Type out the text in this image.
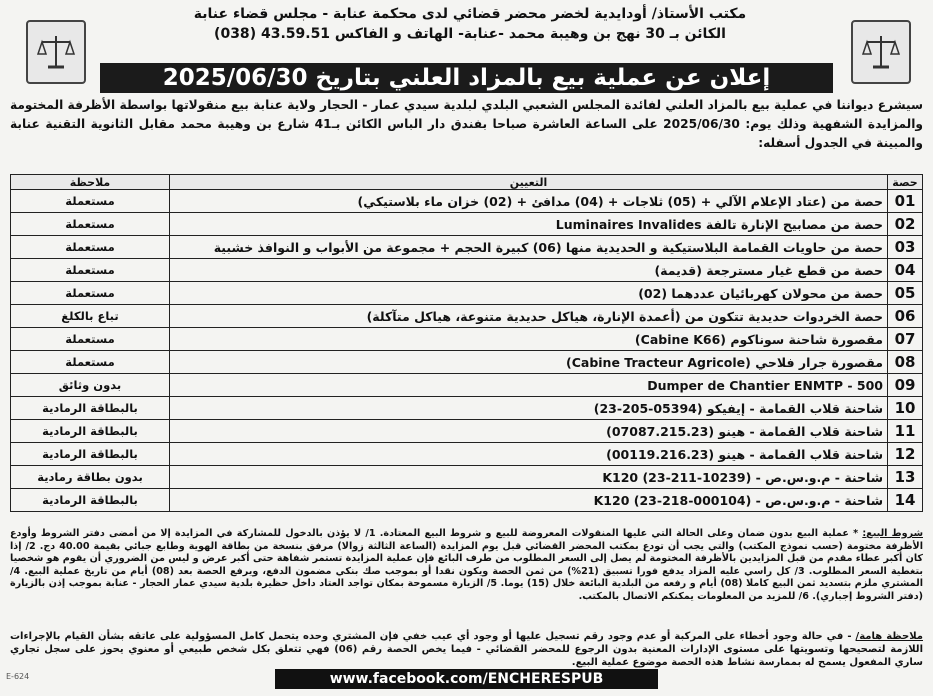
مكتب الأستاذ/ أودايدية لخضر محضر قضائي لدى محكمة عنابة - مجلس قضاء عنابة
الكائن بـ 30 نهج بن وهيبة محمد -عنابة- الهاتف و الفاكس 43.59.51 (038)
إعلان عن عملية بيع بالمزاد العلني بتاريخ 2025/06/30
سيشرع ديواننا في عملية بيع بالمزاد العلني لفائدة المجلس الشعبي البلدي لبلدية سيدي عمار - الحجار ولاية عنابة بيع منقولاتها بواسطة الأظرفة المختومة والمزايدة الشفهية وذلك يوم: 2025/06/30 على الساعة العاشرة صباحا بفندق دار الباس الكائن بـ41 شارع بن وهيبة محمد مقابل الثانوية التقنية عنابة والمبينة في الجدول أسفله:
حصة	التعيين	ملاحظة
01	حصة من (عتاد الإعلام الآلي + (05) ثلاجات + (04) مدافئ + (02) خزان ماء بلاستيكي)	مستعملة
02	حصة من مصابيح الإنارة تالفة Luminaires Invalides	مستعملة
03	حصة من حاويات القمامة البلاستيكية و الحديدية منها (06) كبيرة الحجم + مجموعة من الأبواب و النوافذ خشبية	مستعملة
04	حصة من قطع غيار مسترجعة (قديمة)	مستعملة
05	حصة من محولان كهربائيان عددهما (02)	مستعملة
06	حصة الخردوات حديدية تتكون من (أعمدة الإنارة، هياكل حديدية متنوعة، هياكل متآكلة)	تباع بالكلغ
07	مقصورة شاحنة سوناكوم (Cabine K66)	مستعملة
08	مقصورة جرار فلاحي (Cabine Tracteur Agricole)	مستعملة
09	Dumper de Chantier ENMTP - 500	بدون وثائق
10	شاحنة قلاب القمامة - إيفيكو (05394-205-23)	بالبطاقة الرمادية
11	شاحنة قلاب القمامة - هينو (07087.215.23)	بالبطاقة الرمادية
12	شاحنة قلاب القمامة - هينو (00119.216.23)	بالبطاقة الرمادية
13	شاحنة - م.و.س.ص - (10239-211-23) K120	بدون بطاقة رمادية
14	شاحنة - م.و.س.ص - (000104-218-23) K120	بالبطاقة الرمادية
شروط البيع: * عملية البيع بدون ضمان وعلى الحالة التي عليها المنقولات المعروضة للبيع و شروط البيع المعتادة. 1/ لا يؤذن بالدخول للمشاركة في المزايدة إلا من أمضى دفتر الشروط وأودع الأظرفة مختومة (حسب نموذج المكتب) والتي يجب أن تودع بمكتب المحضر القضائي قبل يوم المزايدة (الساعة الثالثة زوالا) مرفق بنسخة من بطاقة الهوية وطابع جبائي بقيمة 40.00 دج. 2/ إذا كان أكبر عطاء مقدم من قبل المزايدين بالأظرفة المختومة لم يصل إلى السعر المطلوب من طرف البائع فإن عملية المزايدة تستمر شفاهة حتى أكبر عرض و ليس من الضروري أن يقوم هو شخصيا بتغطية السعر المطلوب. 3/ كل راسي عليه المزاد يدفع فورا تسبيق (21%) من ثمن الحصة ويكون نقدا أو بموجب صك بنكي مضمون الدفع، ويرفع الحصة بعد (08) أيام من تاريخ عملية البيع. 4/ المشتري ملزم بتسديد ثمن البيع كاملا (08) أيام و رفعه من البلدية البائعة خلال (15) يوما. 5/ الزيارة مسموحة بمكان تواجد العتاد داخل حظيرة بلدية سيدي عمار الحجار - عنابة بموجب إذن بالزيارة (دفتر الشروط إجباري). 6/ للمزيد من المعلومات يمكنكم الاتصال بالمكتب.
ملاحظة هامة/ - في حالة وجود أخطاء على المركبة أو عدم وجود رقم تسجيل عليها أو وجود أي عيب خفي فإن المشتري وحده يتحمل كامل المسؤولية على عاتقه بشأن القيام بالإجراءات اللازمة لتصحيحها وتسويتها على مستوى الإدارات المعنية بدون الرجوع للمحضر القضائي - فيما يخص الحصة رقم (06) فهي تتعلق بكل شخص طبيعي أو معنوي يحوز على سجل تجاري ساري المفعول يسمح له بممارسة نشاط هذه الحصة موضوع عملية البيع.
E-624	www.facebook.com/ENCHERESPUB
